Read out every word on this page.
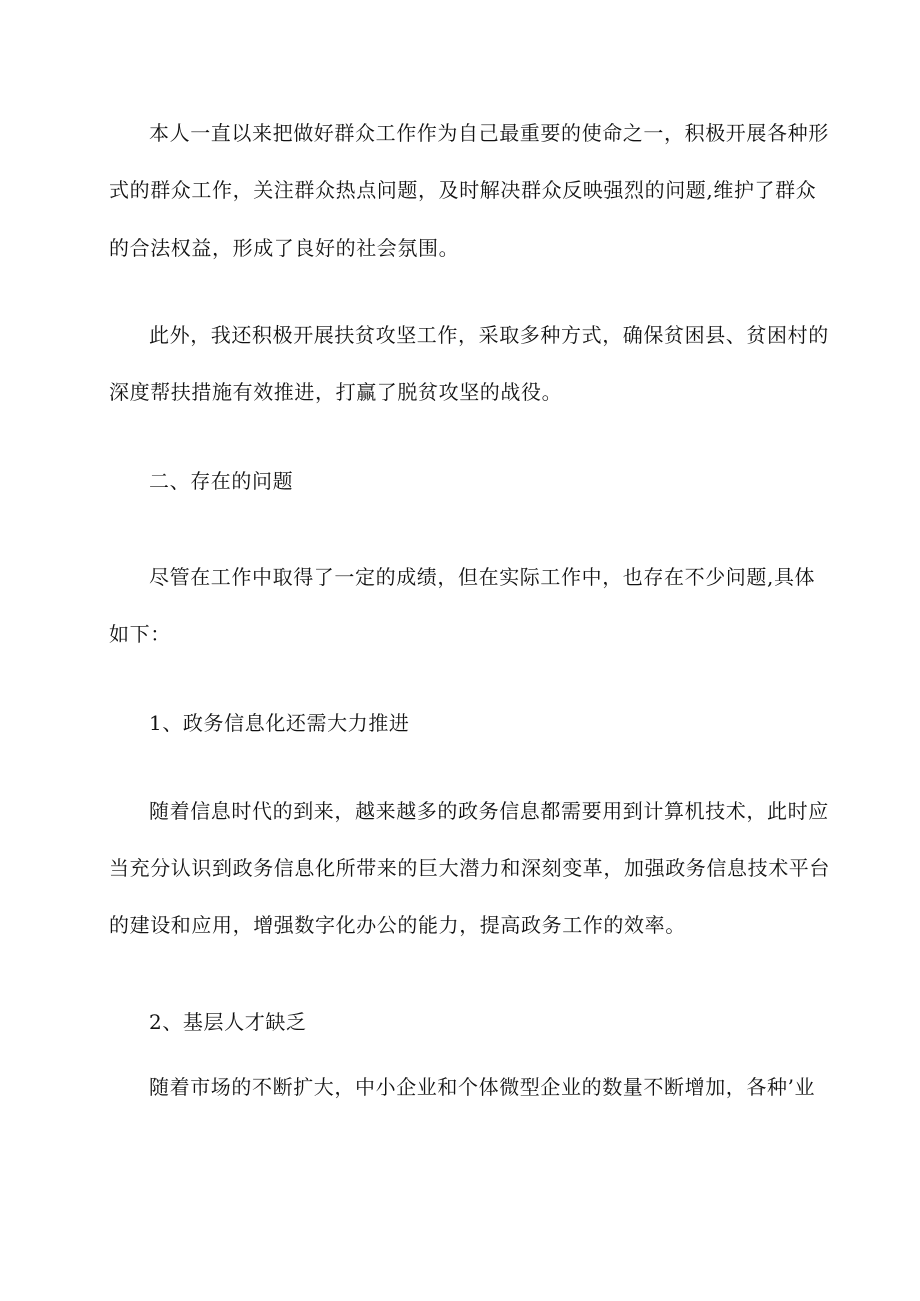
本人一直以来把做好群众工作作为自己最重要的使命之一，积极开展各种形
式的群众工作，关注群众热点问题，及时解决群众反映强烈的问题,维护了群众
的合法权益，形成了良好的社会氛围。
此外，我还积极开展扶贫攻坚工作，采取多种方式，确保贫困县、贫困村的
深度帮扶措施有效推进，打赢了脱贫攻坚的战役。
二、存在的问题
尽管在工作中取得了一定的成绩，但在实际工作中，也存在不少问题,具体
如下：
1、政务信息化还需大力推进
随着信息时代的到来，越来越多的政务信息都需要用到计算机技术，此时应
当充分认识到政务信息化所带来的巨大潜力和深刻变革，加强政务信息技术平台
的建设和应用，增强数字化办公的能力，提高政务工作的效率。
2、基层人才缺乏
随着市场的不断扩大，中小企业和个体微型企业的数量不断增加，各种’业
